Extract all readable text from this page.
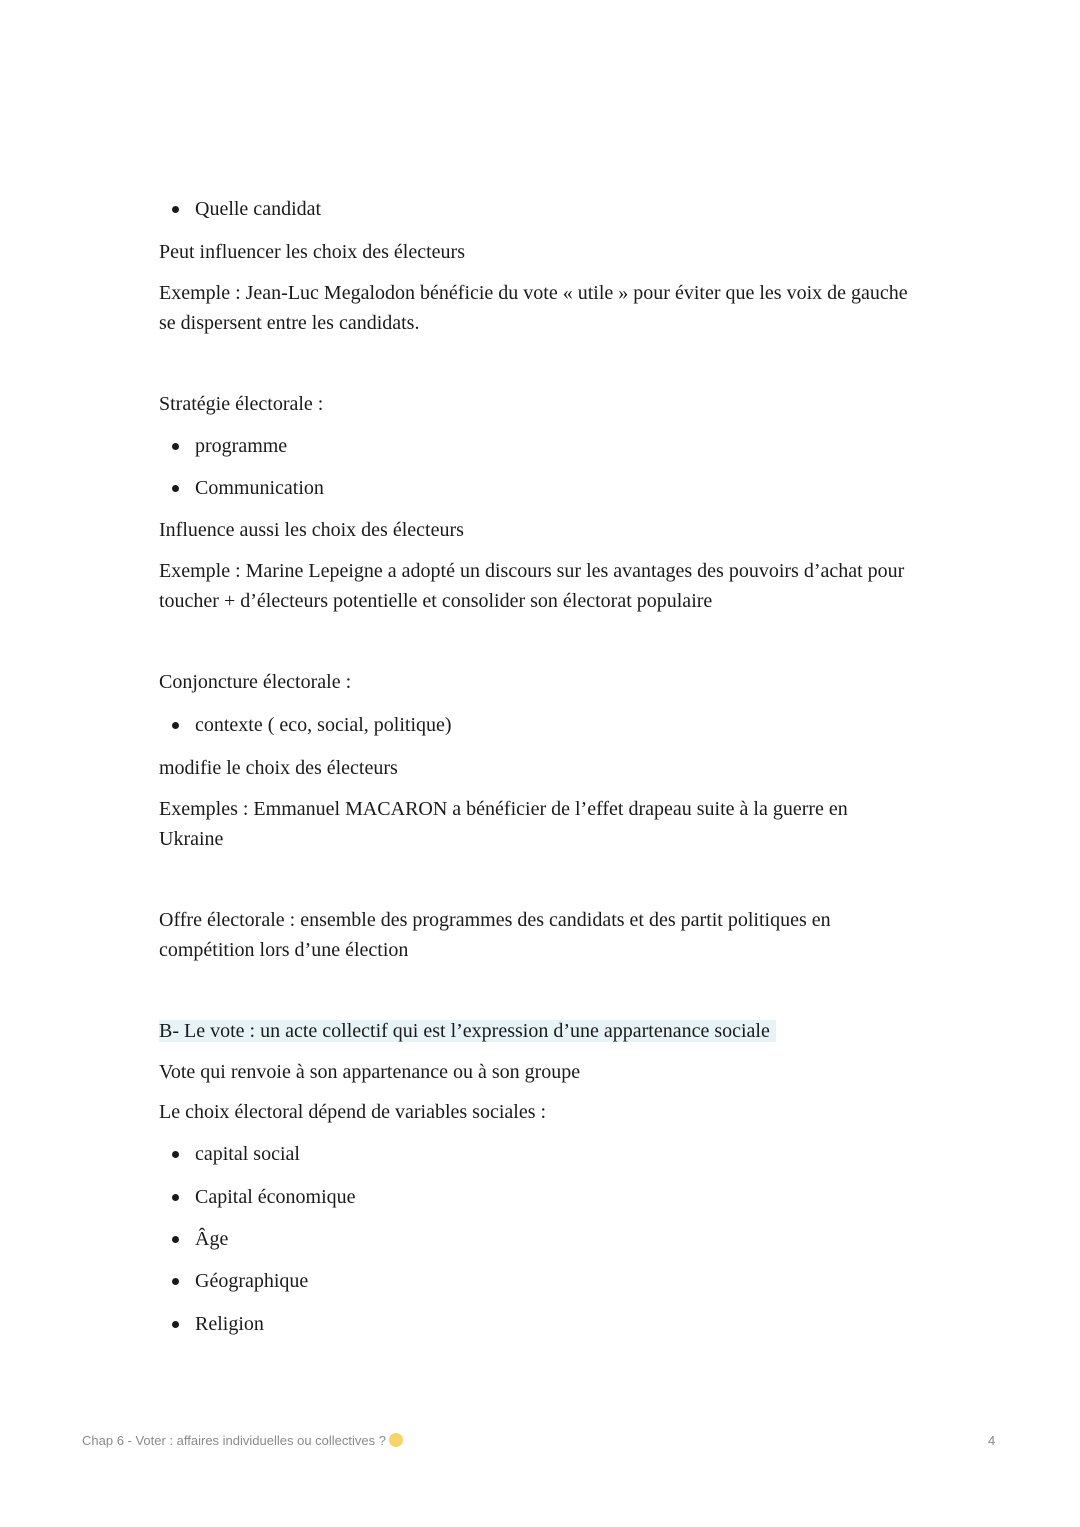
Quelle candidat
Peut influencer les choix des électeurs
Exemple : Jean-Luc Megalodon bénéficie du vote « utile » pour éviter que les voix de gauche
se dispersent entre les candidats.
Stratégie électorale :
programme
Communication
Influence aussi les choix des électeurs
Exemple : Marine Lepeigne a adopté un discours sur les avantages des pouvoirs d’achat pour
toucher + d’électeurs potentielle et consolider son électorat populaire
Conjoncture électorale :
contexte ( eco, social, politique)
modifie le choix des électeurs
Exemples : Emmanuel MACARON a bénéficier de l’effet drapeau suite à la guerre en
Ukraine
Offre électorale : ensemble des programmes des candidats et des partit politiques en
compétition lors d’une élection
B- Le vote : un acte collectif qui est l’expression d’une appartenance sociale
Vote qui renvoie à son appartenance ou à son groupe
Le choix électoral dépend de variables sociales :
capital social
Capital économique
Âge
Géographique
Religion
Chap 6 - Voter : affaires individuelles ou collectives ?	4
